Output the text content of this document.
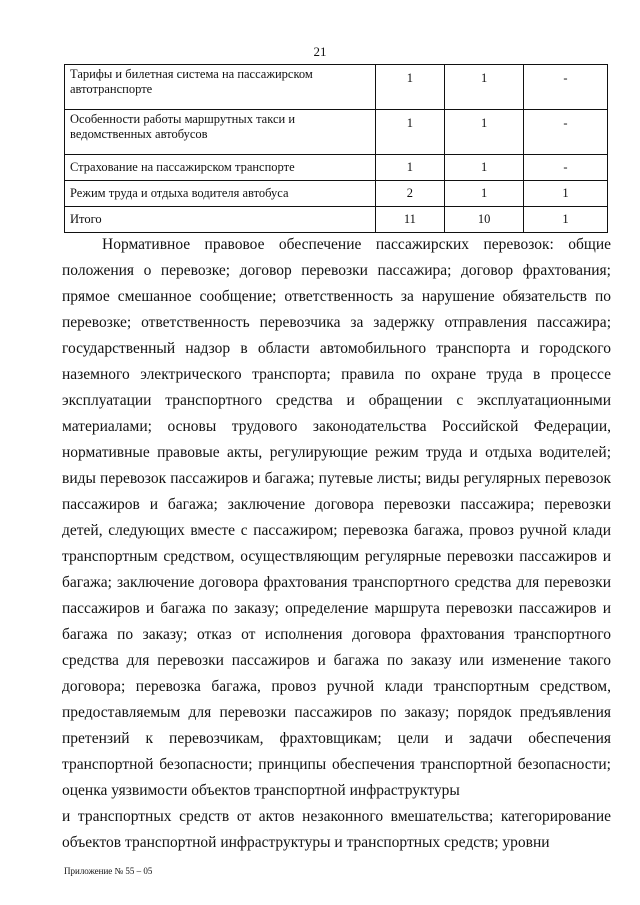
21
Тарифы и билетная система на пассажирском автотранспорте	1	1	-
Особенности работы маршрутных такси и ведомственных автобусов	1	1	-
Страхование на пассажирском транспорте	1	1	-
Режим труда и отдыха водителя автобуса	2	1	1
Итого	11	10	1

Нормативное правовое обеспечение пассажирских перевозок: общие положения о перевозке; договор перевозки пассажира; договор фрахтования; прямое смешанное сообщение; ответственность за нарушение обязательств по перевозке; ответственность перевозчика за задержку отправления пассажира; государственный надзор в области автомобильного транспорта и городского наземного электрического транспорта; правила по охране труда в процессе эксплуатации транспортного средства и обращении с эксплуатационными материалами; основы трудового законодательства Российской Федерации, нормативные правовые акты, регулирующие режим труда и отдыха водителей; виды перевозок пассажиров и багажа; путевые листы; виды регулярных перевозок пассажиров и багажа; заключение договора перевозки пассажира; перевозки детей, следующих вместе с пассажиром; перевозка багажа, провоз ручной клади транспортным средством, осуществляющим регулярные перевозки пассажиров и багажа; заключение договора фрахтования транспортного средства для перевозки пассажиров и багажа по заказу; определение маршрута перевозки пассажиров и багажа по заказу; отказ от исполнения договора фрахтования транспортного средства для перевозки пассажиров и багажа по заказу или изменение такого договора; перевозка багажа, провоз ручной клади транспортным средством, предоставляемым для перевозки пассажиров по заказу; порядок предъявления претензий к перевозчикам, фрахтовщикам; цели и задачи обеспечения транспортной безопасности; принципы обеспечения транспортной безопасности; оценка уязвимости объектов транспортной инфраструктуры

и транспортных средств от актов незаконного вмешательства; категорирование объектов транспортной инфраструктуры и транспортных средств; уровни

Приложение № 55 – 05
